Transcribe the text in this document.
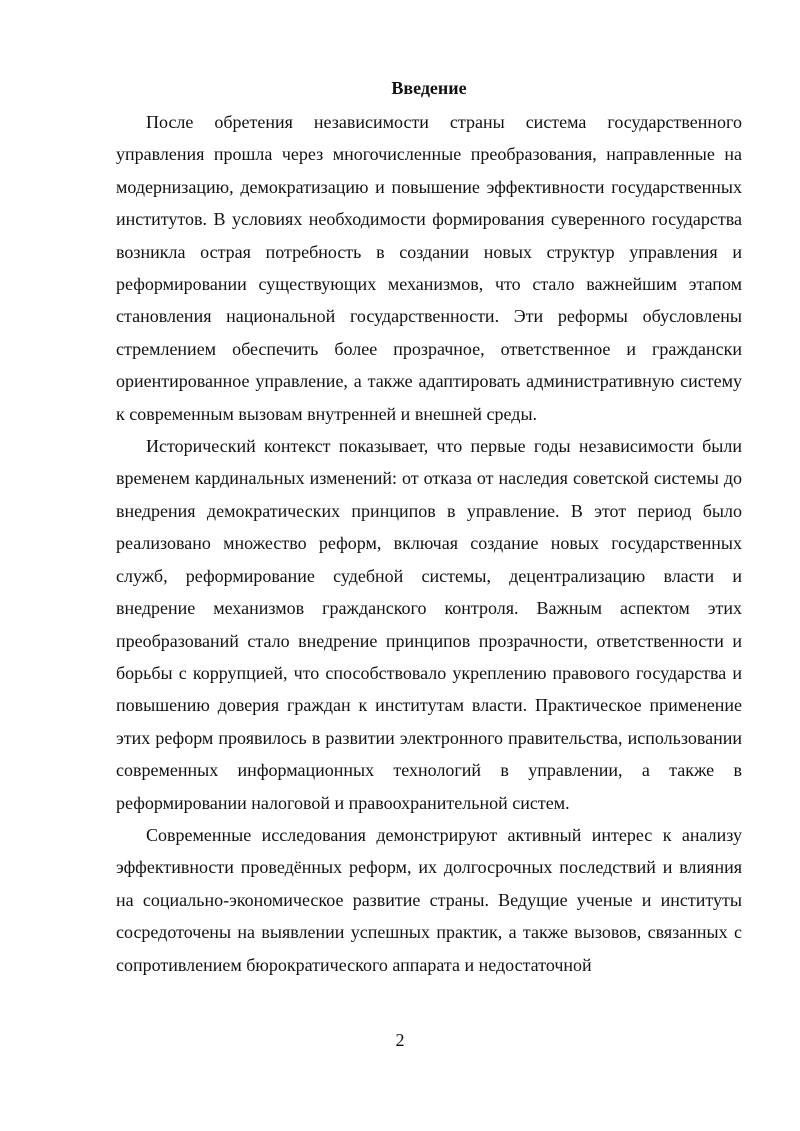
Введение

После обретения независимости страны система государственного управления прошла через многочисленные преобразования, направленные на модернизацию, демократизацию и повышение эффективности государственных институтов. В условиях необходимости формирования суверенного государства возникла острая потребность в создании новых структур управления и реформировании существующих механизмов, что стало важнейшим этапом становления национальной государственности. Эти реформы обусловлены стремлением обеспечить более прозрачное, ответственное и граждански ориентированное управление, а также адаптировать административную систему к современным вызовам внутренней и внешней среды.

Исторический контекст показывает, что первые годы независимости были временем кардинальных изменений: от отказа от наследия советской системы до внедрения демократических принципов в управление. В этот период было реализовано множество реформ, включая создание новых государственных служб, реформирование судебной системы, децентрализацию власти и внедрение механизмов гражданского контроля. Важным аспектом этих преобразований стало внедрение принципов прозрачности, ответственности и борьбы с коррупцией, что способствовало укреплению правового государства и повышению доверия граждан к институтам власти. Практическое применение этих реформ проявилось в развитии электронного правительства, использовании современных информационных технологий в управлении, а также в реформировании налоговой и правоохранительной систем.

Современные исследования демонстрируют активный интерес к анализу эффективности проведённых реформ, их долгосрочных последствий и влияния на социально-экономическое развитие страны. Ведущие ученые и институты сосредоточены на выявлении успешных практик, а также вызовов, связанных с сопротивлением бюрократического аппарата и недостаточной

2
